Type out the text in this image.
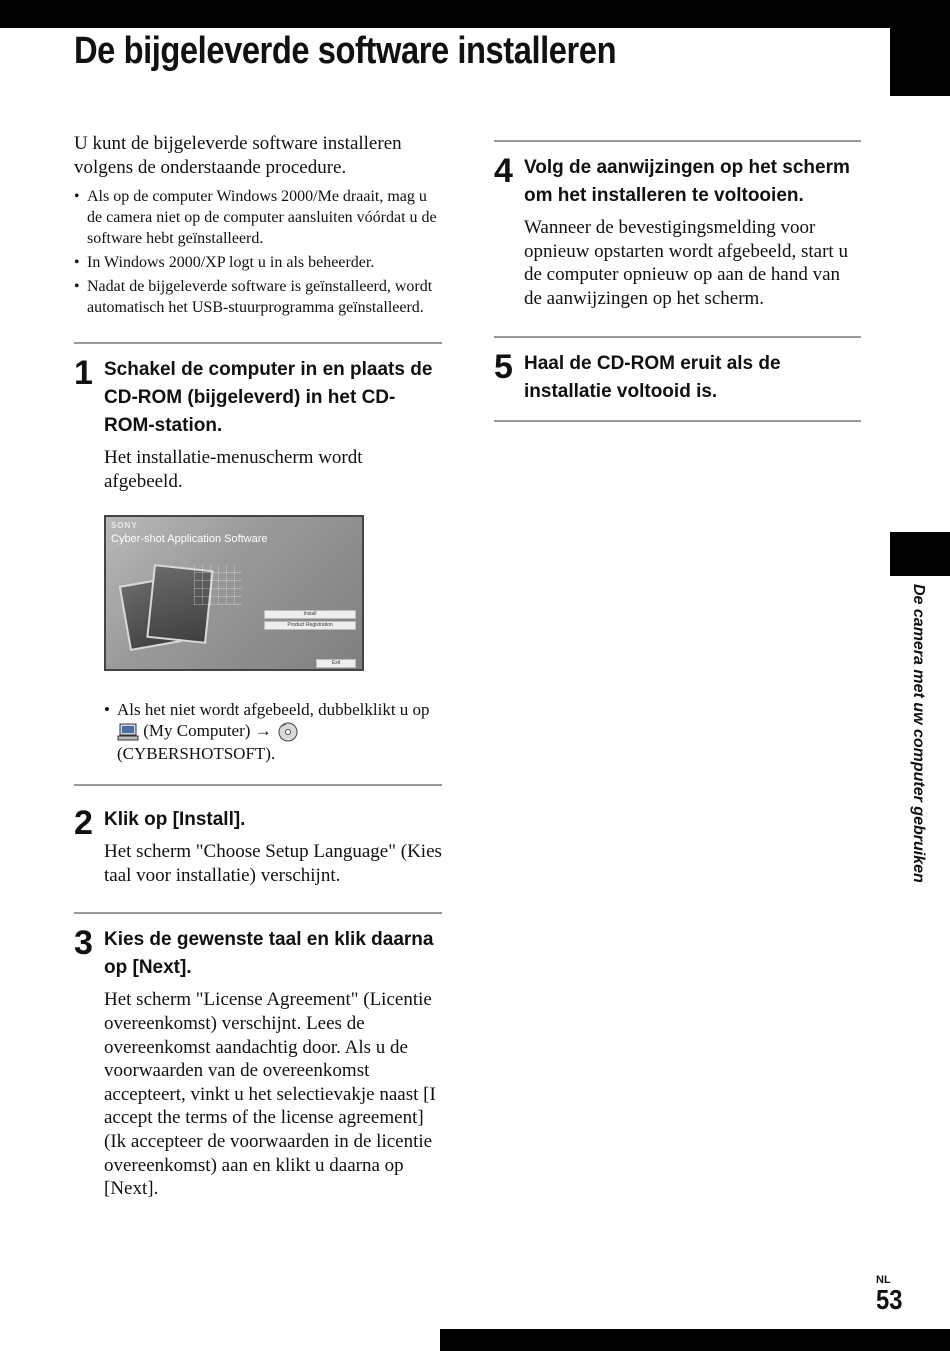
De bijgeleverde software installeren
De camera met uw computer gebruiken

U kunt de bijgeleverde software installeren volgens de onderstaande procedure.

• Als op de computer Windows 2000/Me draait, mag u de camera niet op de computer aansluiten vóórdat u de software hebt geïnstalleerd.
• In Windows 2000/XP logt u in als beheerder.
• Nadat de bijgeleverde software is geïnstalleerd, wordt automatisch het USB-stuurprogramma geïnstalleerd.
1 Schakel de computer in en plaats de CD-ROM (bijgeleverd) in het CD-ROM-station.

Het installatie-menuscherm wordt afgebeeld.

SONY
Cyber-shot Application Software
Install
Product Registration
Exit

• Als het niet wordt afgebeeld, dubbelklikt u op  (My Computer) →
(CYBERSHOTSOFT).

2 Klik op [Install].

Het scherm "Choose Setup Language" (Kies taal voor installatie) verschijnt.

3 Kies de gewenste taal en klik daarna op [Next].

Het scherm "License Agreement" (Licentie overeenkomst) verschijnt. Lees de overeenkomst aandachtig door. Als u de voorwaarden van de overeenkomst accepteert, vinkt u het selectievakje naast [I accept the terms of the license agreement] (Ik accepteer de voorwaarden in de licentie overeenkomst) aan en klikt u daarna op [Next].

4 Volg de aanwijzingen op het scherm om het installeren te voltooien.

Wanneer de bevestigingsmelding voor opnieuw opstarten wordt afgebeeld, start u de computer opnieuw op aan de hand van de aanwijzingen op het scherm.

5 Haal de CD-ROM eruit als de installatie voltooid is.

NL
53
